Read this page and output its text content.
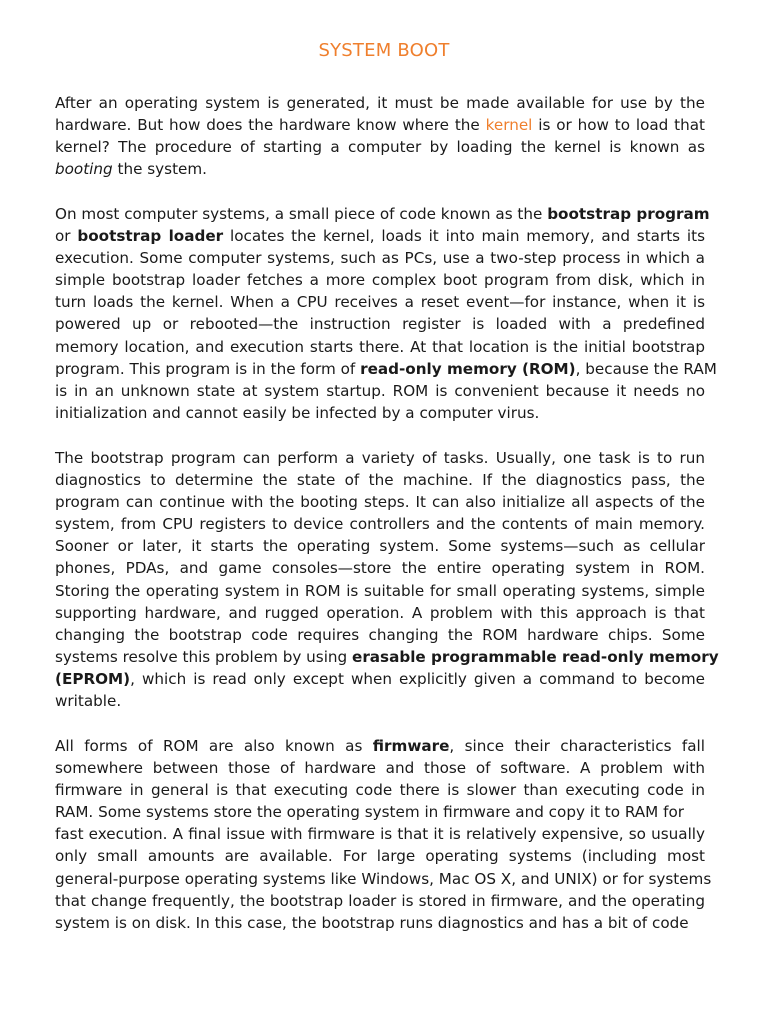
SYSTEM BOOT
After an operating system is generated, it must be made available for use by the
hardware. But how does the hardware know where the kernel is or how to load that
kernel? The procedure of starting a computer by loading the kernel is known as
booting the system.
On most computer systems, a small piece of code known as the bootstrap program
or bootstrap loader locates the kernel, loads it into main memory, and starts its
execution. Some computer systems, such as PCs, use a two-step process in which a
simple bootstrap loader fetches a more complex boot program from disk, which in
turn loads the kernel. When a CPU receives a reset event—for instance, when it is
powered up or rebooted—the instruction register is loaded with a predefined
memory location, and execution starts there. At that location is the initial bootstrap
program. This program is in the form of read-only memory (ROM), because the RAM
is in an unknown state at system startup. ROM is convenient because it needs no
initialization and cannot easily be infected by a computer virus.
The bootstrap program can perform a variety of tasks. Usually, one task is to run
diagnostics to determine the state of the machine. If the diagnostics pass, the
program can continue with the booting steps. It can also initialize all aspects of the
system, from CPU registers to device controllers and the contents of main memory.
Sooner or later, it starts the operating system. Some systems—such as cellular
phones, PDAs, and game consoles—store the entire operating system in ROM.
Storing the operating system in ROM is suitable for small operating systems, simple
supporting hardware, and rugged operation. A problem with this approach is that
changing the bootstrap code requires changing the ROM hardware chips. Some
systems resolve this problem by using erasable programmable read-only memory
(EPROM), which is read only except when explicitly given a command to become
writable.
All forms of ROM are also known as firmware, since their characteristics fall
somewhere between those of hardware and those of software. A problem with
firmware in general is that executing code there is slower than executing code in
RAM. Some systems store the operating system in firmware and copy it to RAM for
fast execution. A final issue with firmware is that it is relatively expensive, so usually
only small amounts are available. For large operating systems (including most
general-purpose operating systems like Windows, Mac OS X, and UNIX) or for systems
that change frequently, the bootstrap loader is stored in firmware, and the operating
system is on disk. In this case, the bootstrap runs diagnostics and has a bit of code
